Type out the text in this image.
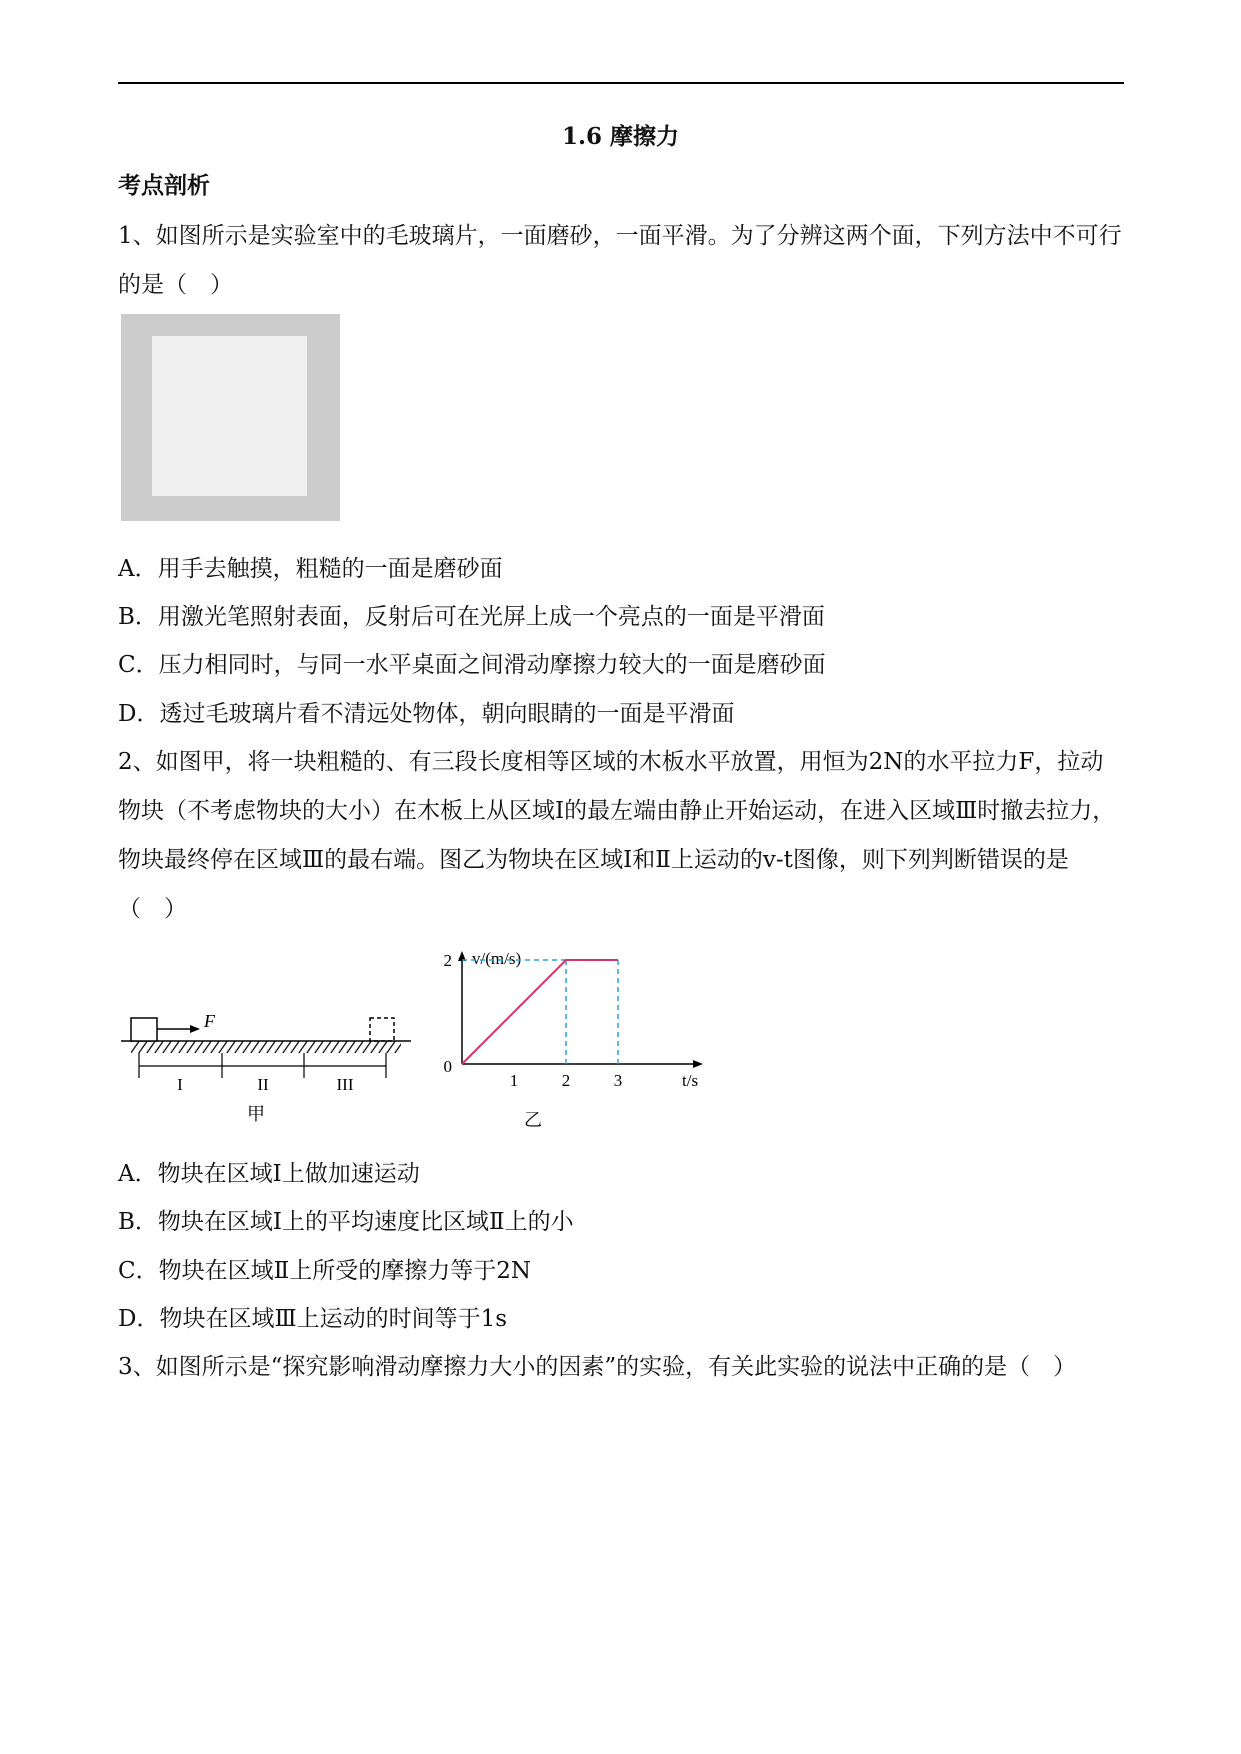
1.6 摩擦力
考点剖析
1、如图所示是实验室中的毛玻璃片，一面磨砂，一面平滑。为了分辨这两个面，下列方法中不可行的是（　）
A．用手去触摸，粗糙的一面是磨砂面
B．用激光笔照射表面，反射后可在光屏上成一个亮点的一面是平滑面
C．压力相同时，与同一水平桌面之间滑动摩擦力较大的一面是磨砂面
D．透过毛玻璃片看不清远处物体，朝向眼睛的一面是平滑面
2、如图甲，将一块粗糙的、有三段长度相等区域的木板水平放置，用恒为2N的水平拉力F，拉动物块（不考虑物块的大小）在木板上从区域Ⅰ的最左端由静止开始运动，在进入区域Ⅲ时撤去拉力，物块最终停在区域Ⅲ的最右端。图乙为物块在区域Ⅰ和Ⅱ上运动的v-t图像，则下列判断错误的是（　）
F
I	II	III
甲
v/(m/s)
t/s
乙
1	2	3
0
2
A．物块在区域Ⅰ上做加速运动
B．物块在区域Ⅰ上的平均速度比区域Ⅱ上的小
C．物块在区域Ⅱ上所受的摩擦力等于2N
D．物块在区域Ⅲ上运动的时间等于1s
3、如图所示是“探究影响滑动摩擦力大小的因素”的实验，有关此实验的说法中正确的是（　）
